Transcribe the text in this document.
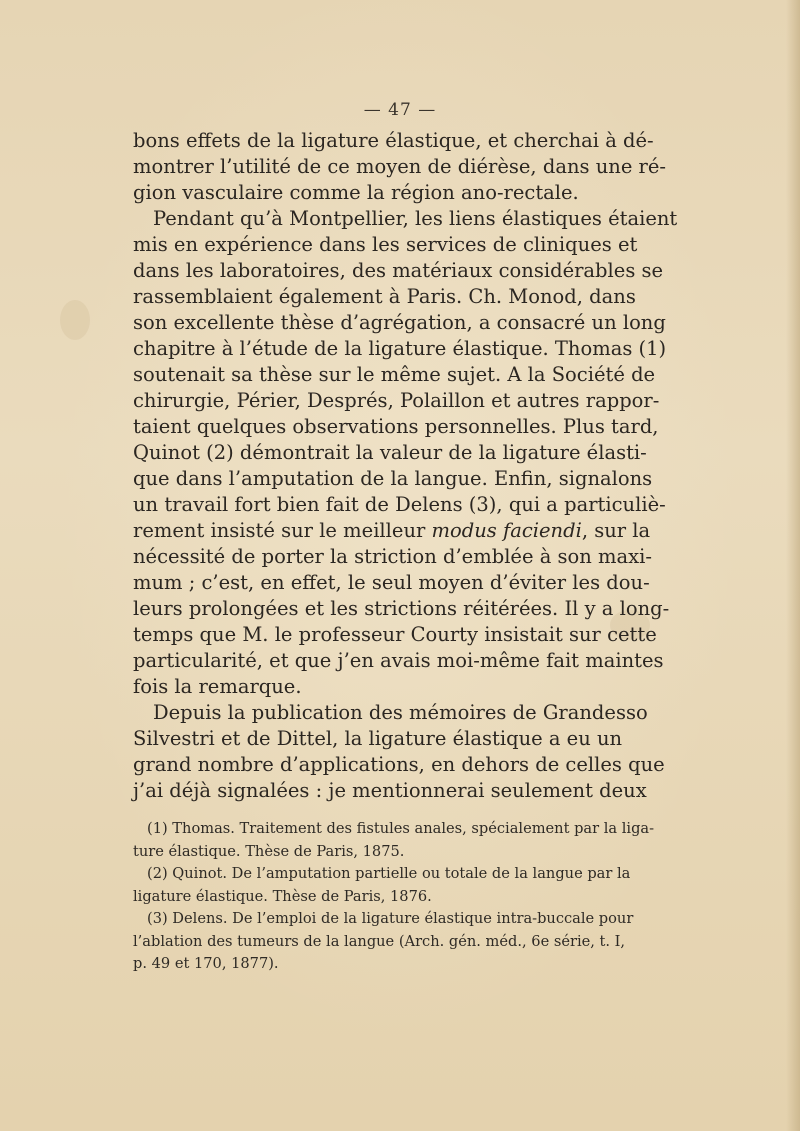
— 47 —
bons effets de la ligature élastique, et cherchai à dé-
montrer l’utilité de ce moyen de diérèse, dans une ré-
gion vasculaire comme la région ano-rectale.
Pendant qu’à Montpellier, les liens élastiques étaient
mis en expérience dans les services de cliniques et
dans les laboratoires, des matériaux considérables se
rassemblaient également à Paris. Ch. Monod, dans
son excellente thèse d’agrégation, a consacré un long
chapitre à l’étude de la ligature élastique. Thomas (1)
soutenait sa thèse sur le même sujet. A la Société de
chirurgie, Périer, Després, Polaillon et autres rappor-
taient quelques observations personnelles. Plus tard,
Quinot (2) démontrait la valeur de la ligature élasti-
que dans l’amputation de la langue. Enfin, signalons
un travail fort bien fait de Delens (3), qui a particuliè-
rement insisté sur le meilleur modus faciendi, sur la
nécessité de porter la striction d’emblée à son maxi-
mum ; c’est, en effet, le seul moyen d’éviter les dou-
leurs prolongées et les strictions réitérées. Il y a long-
temps que M. le professeur Courty insistait sur cette
particularité, et que j’en avais moi-même fait maintes
fois la remarque.
Depuis la publication des mémoires de Grandesso
Silvestri et de Dittel, la ligature élastique a eu un
grand nombre d’applications, en dehors de celles que
j’ai déjà signalées : je mentionnerai seulement deux
(1) Thomas. Traitement des fistules anales, spécialement par la liga-
ture élastique. Thèse de Paris, 1875.
(2) Quinot. De l’amputation partielle ou totale de la langue par la
ligature élastique. Thèse de Paris, 1876.
(3) Delens. De l’emploi de la ligature élastique intra-buccale pour
l’ablation des tumeurs de la langue (Arch. gén. méd., 6e série, t. I,
p. 49 et 170, 1877).
